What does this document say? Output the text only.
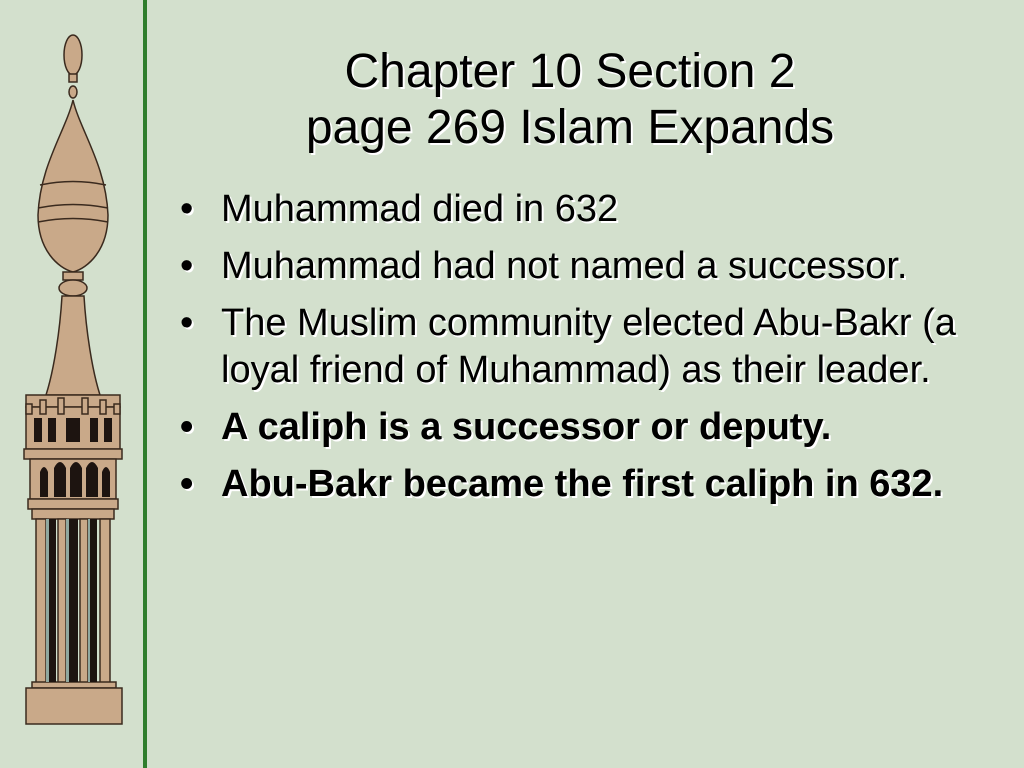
Chapter 10 Section 2
page 269 Islam Expands
• Muhammad died in 632
• Muhammad had not named a successor.
• The Muslim community elected Abu-Bakr (a loyal friend of Muhammad) as their leader.
• A caliph is a successor or deputy.
• Abu-Bakr became the first caliph in 632.
